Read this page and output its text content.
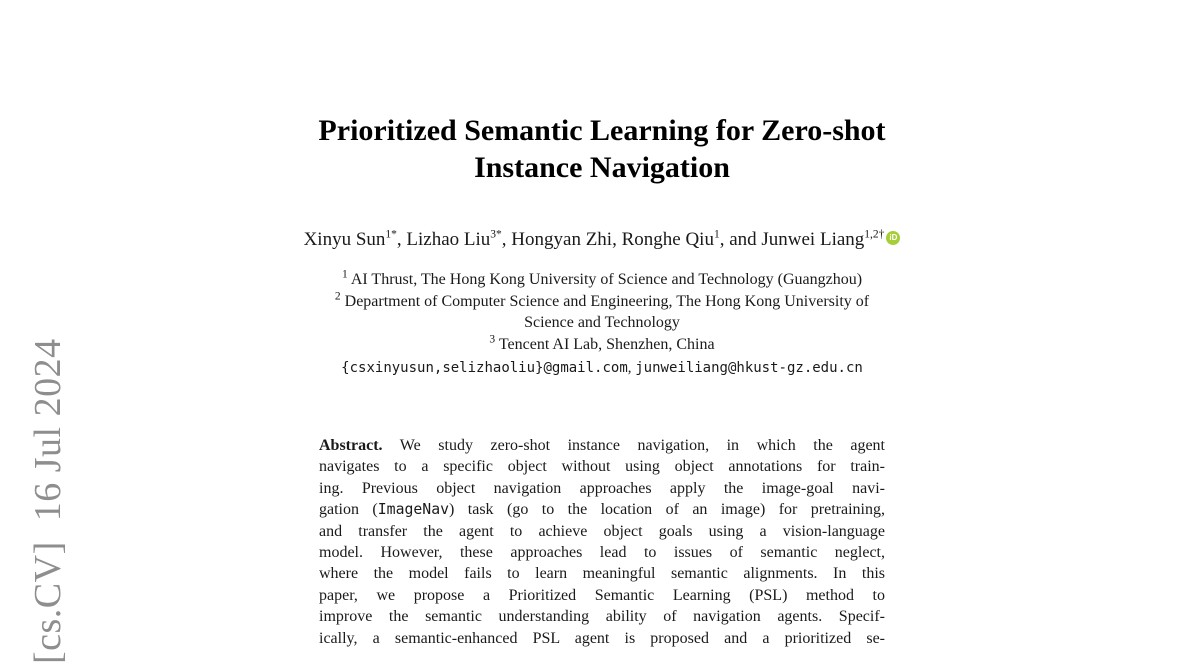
[cs.CV]  16 Jul 2024
Prioritized Semantic Learning for Zero-shot
Instance Navigation
Xinyu Sun$^{1*}$, Lizhao Liu$^{3*}$, Hongyan Zhi, Ronghe Qiu$^1$, and Junwei Liang$^{1,2\dagger}$ iD
$^1$ AI Thrust, The Hong Kong University of Science and Technology (Guangzhou)
$^2$ Department of Computer Science and Engineering, The Hong Kong University of
Science and Technology
$^3$ Tencent AI Lab, Shenzhen, China
{csxinyusun,selizhaoliu}@gmail.com, junweiliang@hkust-gz.edu.cn
Abstract. We study zero-shot instance navigation, in which the agent
navigates to a specific object without using object annotations for train-
ing. Previous object navigation approaches apply the image-goal navi-
gation (ImageNav) task (go to the location of an image) for pretraining,
and transfer the agent to achieve object goals using a vision-language
model. However, these approaches lead to issues of semantic neglect,
where the model fails to learn meaningful semantic alignments. In this
paper, we propose a Prioritized Semantic Learning (PSL) method to
improve the semantic understanding ability of navigation agents. Specif-
ically, a semantic-enhanced PSL agent is proposed and a prioritized se-
